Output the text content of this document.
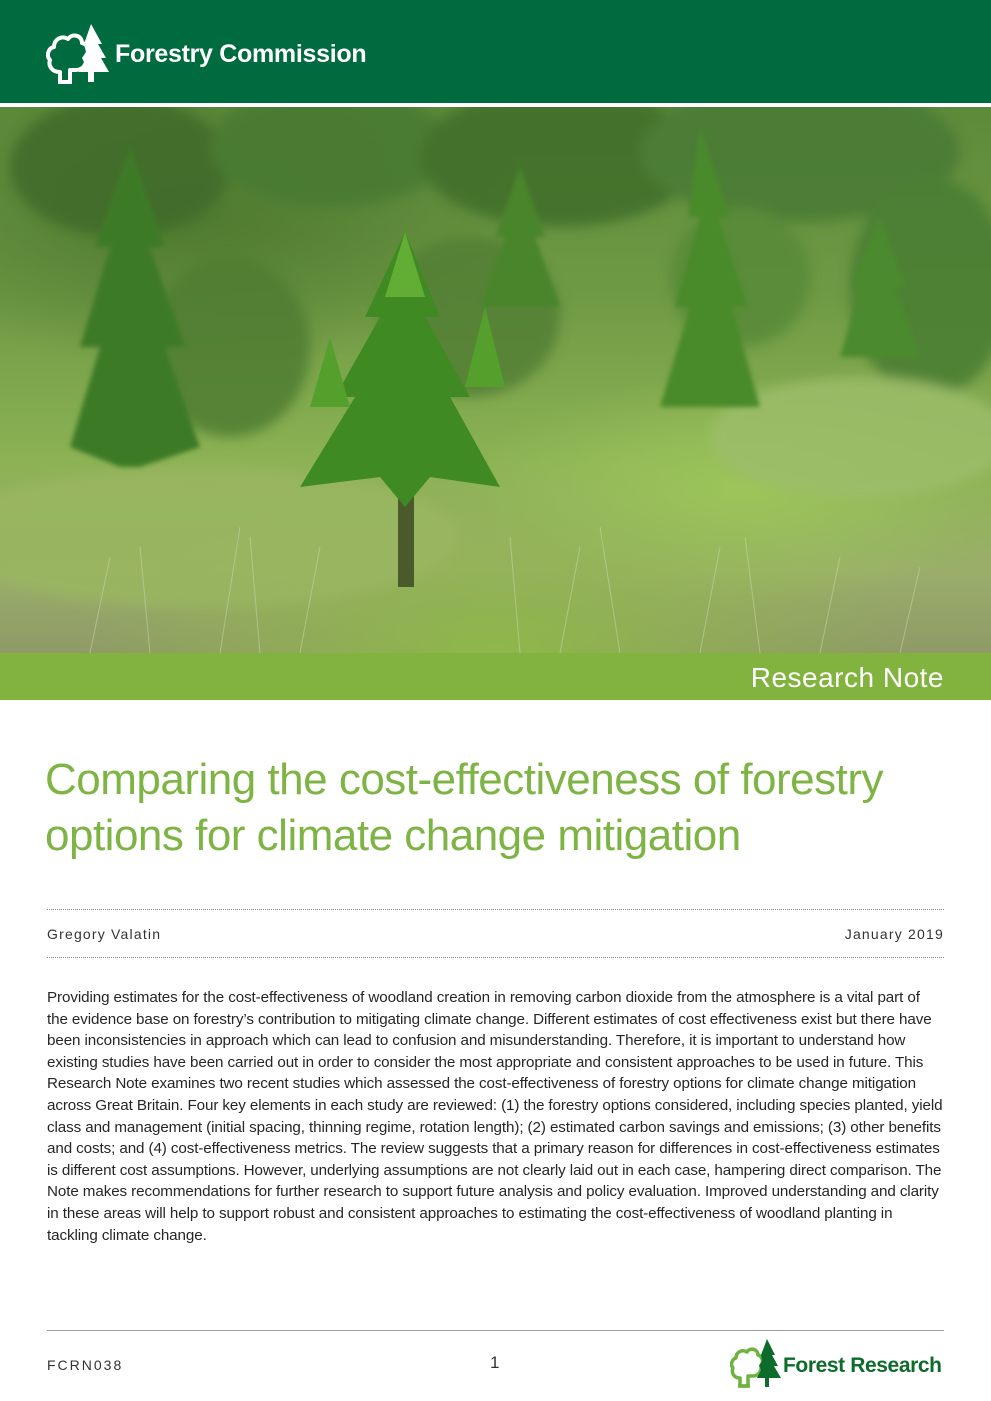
Forestry Commission
Research Note
Comparing the cost-effectiveness of forestry options for climate change mitigation
Gregory Valatin	January 2019

Providing estimates for the cost-effectiveness of woodland creation in removing carbon dioxide from the atmosphere is a vital part of the evidence base on forestry’s contribution to mitigating climate change. Different estimates of cost effectiveness exist but there have been inconsistencies in approach which can lead to confusion and misunderstanding. Therefore, it is important to understand how existing studies have been carried out in order to consider the most appropriate and consistent approaches to be used in future. This Research Note examines two recent studies which assessed the cost-effectiveness of forestry options for climate change mitigation across Great Britain. Four key elements in each study are reviewed: (1) the forestry options considered, including species planted, yield class and management (initial spacing, thinning regime, rotation length); (2) estimated carbon savings and emissions; (3) other benefits and costs; and (4) cost-effectiveness metrics. The review suggests that a primary reason for differences in cost-effectiveness estimates is different cost assumptions. However, underlying assumptions are not clearly laid out in each case, hampering direct comparison. The Note makes recommendations for further research to support future analysis and policy evaluation. Improved understanding and clarity in these areas will help to support robust and consistent approaches to estimating the cost-effectiveness of woodland planting in tackling climate change.

FCRN038	1	Forest Research
